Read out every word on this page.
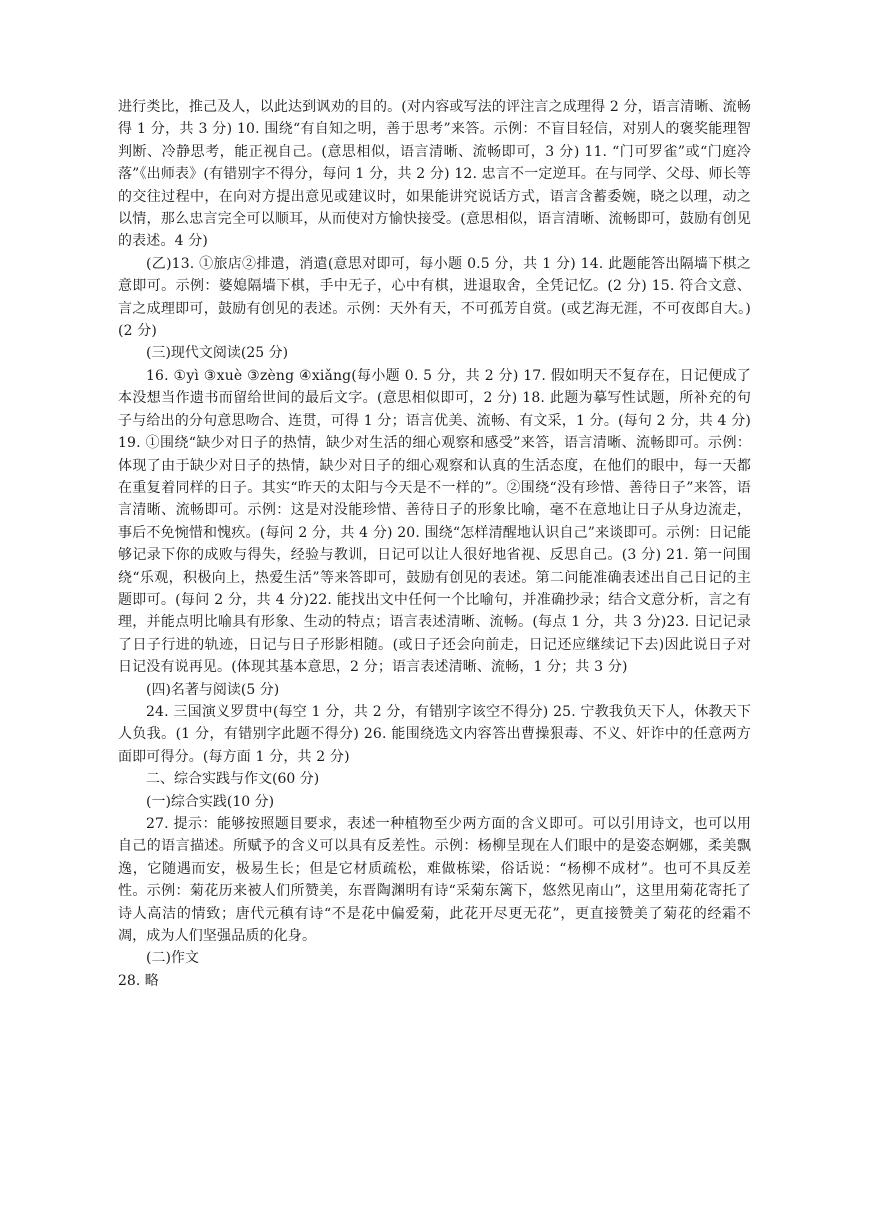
进行类比，推己及人，以此达到讽劝的目的。(对内容或写法的评注言之成理得 2 分，语言清晰、流畅得 1 分，共 3 分) 10. 围绕“有自知之明，善于思考”来答。示例：不盲目轻信，对别人的褒奖能理智判断、冷静思考，能正视自己。(意思相似，语言清晰、流畅即可，3 分) 11. “门可罗雀”或“门庭冷落”《出师表》(有错别字不得分，每问 1 分，共 2 分) 12. 忠言不一定逆耳。在与同学、父母、师长等的交往过程中，在向对方提出意见或建议时，如果能讲究说话方式，语言含蓄委婉，晓之以理，动之以情，那么忠言完全可以顺耳，从而使对方愉快接受。(意思相似，语言清晰、流畅即可，鼓励有创见的表述。4 分)

(乙)13. ①旅店②排遣，消遣(意思对即可，每小题 0.5 分，共 1 分) 14. 此题能答出隔墙下棋之意即可。示例：婆媳隔墙下棋，手中无子，心中有棋，进退取舍，全凭记忆。(2 分) 15. 符合文意、言之成理即可，鼓励有创见的表述。示例：天外有天，不可孤芳自赏。(或艺海无涯，不可夜郎自大。) (2 分)

(三)现代文阅读(25 分)

16. ①yì ③xuè ③zèng ④xiǎng(每小题 0. 5 分，共 2 分) 17. 假如明天不复存在，日记便成了本没想当作遗书而留给世间的最后文字。(意思相似即可，2 分) 18. 此题为摹写性试题，所补充的句子与给出的分句意思吻合、连贯，可得 1 分；语言优美、流畅、有文采，1 分。(每句 2 分，共 4 分) 19. ①围绕“缺少对日子的热情，缺少对生活的细心观察和感受”来答，语言清晰、流畅即可。示例：体现了由于缺少对日子的热情，缺少对日子的细心观察和认真的生活态度，在他们的眼中，每一天都在重复着同样的日子。其实“昨天的太阳与今天是不一样的”。②围绕“没有珍惜、善待日子”来答，语言清晰、流畅即可。示例：这是对没能珍惜、善待日子的形象比喻，毫不在意地让日子从身边流走，事后不免惋惜和愧疚。(每问 2 分，共 4 分) 20. 围绕“怎样清醒地认识自己”来谈即可。示例：日记能够记录下你的成败与得失，经验与教训，日记可以让人很好地省视、反思自己。(3 分) 21. 第一问围绕“乐观，积极向上，热爱生活”等来答即可，鼓励有创见的表述。第二问能准确表述出自己日记的主题即可。(每问 2 分，共 4 分)22. 能找出文中任何一个比喻句，并准确抄录；结合文意分析，言之有理，并能点明比喻具有形象、生动的特点；语言表述清晰、流畅。(每点 1 分，共 3 分)23. 日记记录了日子行进的轨迹，日记与日子形影相随。(或日子还会向前走，日记还应继续记下去)因此说日子对日记没有说再见。(体现其基本意思，2 分；语言表述清晰、流畅，1 分；共 3 分)

(四)名著与阅读(5 分)

24. 三国演义罗贯中(每空 1 分，共 2 分，有错别字该空不得分) 25. 宁教我负天下人，休教天下人负我。(1 分，有错别字此题不得分) 26. 能围绕选文内容答出曹操狠毒、不义、奸诈中的任意两方面即可得分。(每方面 1 分，共 2 分)

二、综合实践与作文(60 分)

(一)综合实践(10 分)

27. 提示：能够按照题目要求，表述一种植物至少两方面的含义即可。可以引用诗文，也可以用自己的语言描述。所赋予的含义可以具有反差性。示例：杨柳呈现在人们眼中的是姿态婀娜，柔美飘逸，它随遇而安，极易生长；但是它材质疏松，难做栋梁，俗话说：“杨柳不成材”。也可不具反差性。示例：菊花历来被人们所赞美，东晋陶渊明有诗“采菊东篱下，悠然见南山”，这里用菊花寄托了诗人高洁的情致；唐代元稹有诗“不是花中偏爱菊，此花开尽更无花”，更直接赞美了菊花的经霜不凋，成为人们坚强品质的化身。

(二)作文

28. 略
